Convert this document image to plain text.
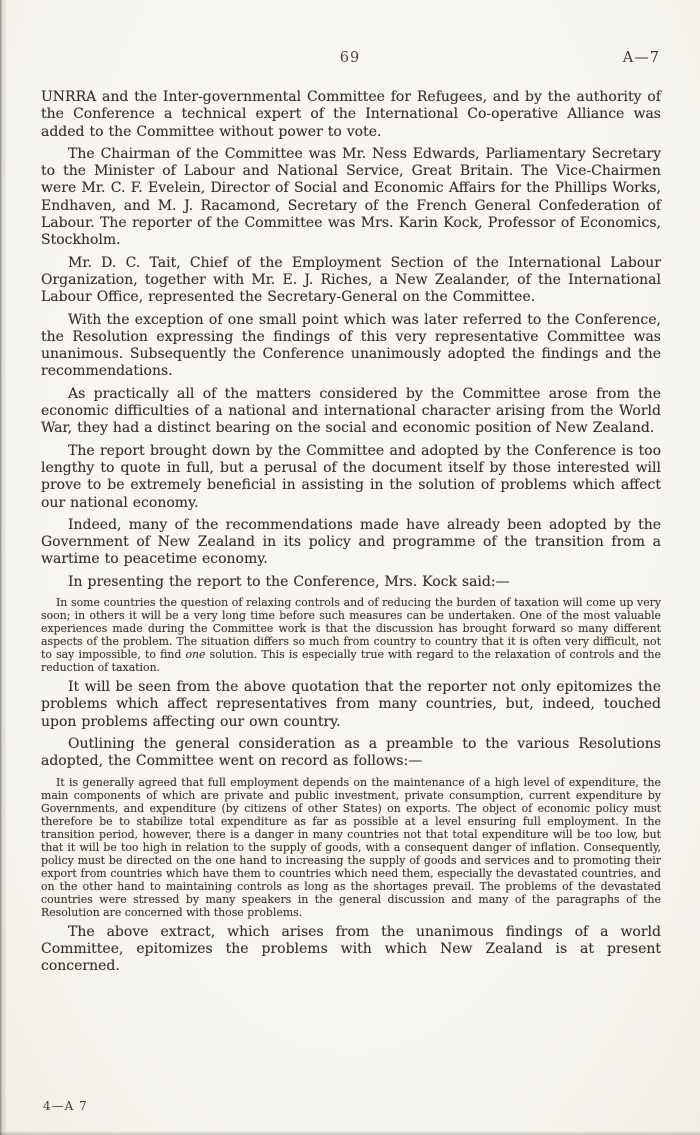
69	A—7

UNRRA and the Inter-governmental Committee for Refugees, and by the authority of the Conference a technical expert of the International Co-operative Alliance was added to the Committee without power to vote.

The Chairman of the Committee was Mr. Ness Edwards, Parliamentary Secretary to the Minister of Labour and National Service, Great Britain. The Vice-Chairmen were Mr. C. F. Evelein, Director of Social and Economic Affairs for the Phillips Works, Endhaven, and M. J. Racamond, Secretary of the French General Confederation of Labour. The reporter of the Committee was Mrs. Karin Kock, Professor of Economics, Stockholm.

Mr. D. C. Tait, Chief of the Employment Section of the International Labour Organization, together with Mr. E. J. Riches, a New Zealander, of the International Labour Office, represented the Secretary-General on the Committee.

With the exception of one small point which was later referred to the Conference, the Resolution expressing the findings of this very representative Committee was unanimous. Subsequently the Conference unanimously adopted the findings and the recommendations.

As practically all of the matters considered by the Committee arose from the economic difficulties of a national and international character arising from the World War, they had a distinct bearing on the social and economic position of New Zealand.

The report brought down by the Committee and adopted by the Conference is too lengthy to quote in full, but a perusal of the document itself by those interested will prove to be extremely beneficial in assisting in the solution of problems which affect our national economy.

Indeed, many of the recommendations made have already been adopted by the Government of New Zealand in its policy and programme of the transition from a wartime to peacetime economy.

In presenting the report to the Conference, Mrs. Kock said:—

In some countries the question of relaxing controls and of reducing the burden of taxation will come up very soon; in others it will be a very long time before such measures can be undertaken. One of the most valuable experiences made during the Committee work is that the discussion has brought forward so many different aspects of the problem. The situation differs so much from country to country that it is often very difficult, not to say impossible, to find one solution. This is especially true with regard to the relaxation of controls and the reduction of taxation.

It will be seen from the above quotation that the reporter not only epitomizes the problems which affect representatives from many countries, but, indeed, touched upon problems affecting our own country.

Outlining the general consideration as a preamble to the various Resolutions adopted, the Committee went on record as follows:—

It is generally agreed that full employment depends on the maintenance of a high level of expenditure, the main components of which are private and public investment, private consumption, current expenditure by Governments, and expenditure (by citizens of other States) on exports. The object of economic policy must therefore be to stabilize total expenditure as far as possible at a level ensuring full employment. In the transition period, however, there is a danger in many countries not that total expenditure will be too low, but that it will be too high in relation to the supply of goods, with a consequent danger of inflation. Consequently, policy must be directed on the one hand to increasing the supply of goods and services and to promoting their export from countries which have them to countries which need them, especially the devastated countries, and on the other hand to maintaining controls as long as the shortages prevail. The problems of the devastated countries were stressed by many speakers in the general discussion and many of the paragraphs of the Resolution are concerned with those problems.

The above extract, which arises from the unanimous findings of a world Committee, epitomizes the problems with which New Zealand is at present concerned.

4—A 7
